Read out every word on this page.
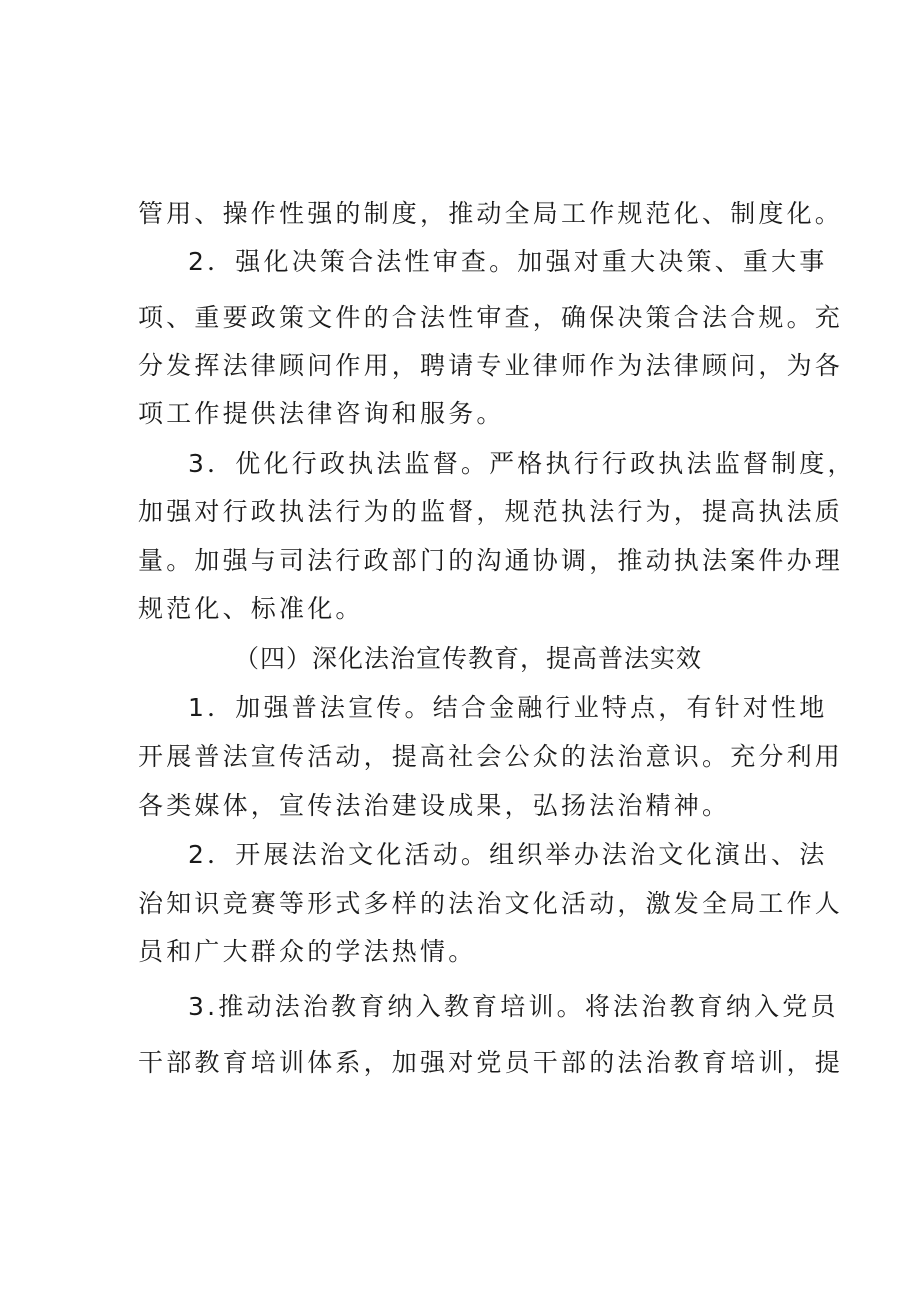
管用、操作性强的制度，推动全局工作规范化、制度化。
2．强化决策合法性审查。加强对重大决策、重大事
项、重要政策文件的合法性审查，确保决策合法合规。充
分发挥法律顾问作用，聘请专业律师作为法律顾问，为各
项工作提供法律咨询和服务。
3．优化行政执法监督。严格执行行政执法监督制度，
加强对行政执法行为的监督，规范执法行为，提高执法质
量。加强与司法行政部门的沟通协调，推动执法案件办理
规范化、标准化。
（四）深化法治宣传教育，提高普法实效
1．加强普法宣传。结合金融行业特点，有针对性地
开展普法宣传活动，提高社会公众的法治意识。充分利用
各类媒体，宣传法治建设成果，弘扬法治精神。
2．开展法治文化活动。组织举办法治文化演出、法
治知识竞赛等形式多样的法治文化活动，激发全局工作人
员和广大群众的学法热情。
3.推动法治教育纳入教育培训。将法治教育纳入党员
干部教育培训体系，加强对党员干部的法治教育培训，提
